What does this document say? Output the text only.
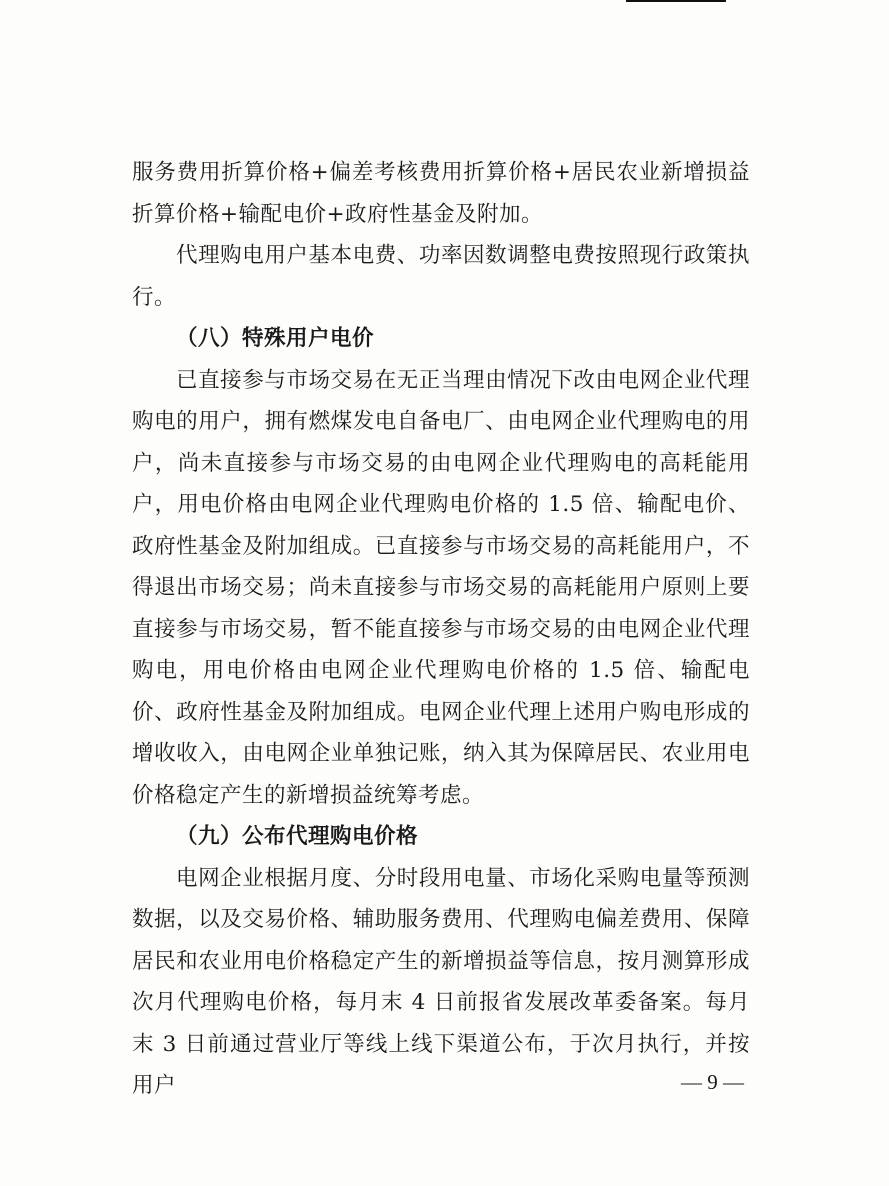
服务费用折算价格+偏差考核费用折算价格+居民农业新增损益折算价格+输配电价+政府性基金及附加。

代理购电用户基本电费、功率因数调整电费按照现行政策执行。

（八）特殊用户电价

已直接参与市场交易在无正当理由情况下改由电网企业代理购电的用户，拥有燃煤发电自备电厂、由电网企业代理购电的用户，尚未直接参与市场交易的由电网企业代理购电的高耗能用户，用电价格由电网企业代理购电价格的 1.5 倍、输配电价、政府性基金及附加组成。已直接参与市场交易的高耗能用户，不得退出市场交易；尚未直接参与市场交易的高耗能用户原则上要直接参与市场交易，暂不能直接参与市场交易的由电网企业代理购电，用电价格由电网企业代理购电价格的 1.5 倍、输配电价、政府性基金及附加组成。电网企业代理上述用户购电形成的增收收入，由电网企业单独记账，纳入其为保障居民、农业用电价格稳定产生的新增损益统筹考虑。

（九）公布代理购电价格

电网企业根据月度、分时段用电量、市场化采购电量等预测数据，以及交易价格、辅助服务费用、代理购电偏差费用、保障居民和农业用电价格稳定产生的新增损益等信息，按月测算形成次月代理购电价格，每月末 4 日前报省发展改革委备案。每月末 3 日前通过营业厅等线上线下渠道公布，于次月执行，并按用户	— 9 —
